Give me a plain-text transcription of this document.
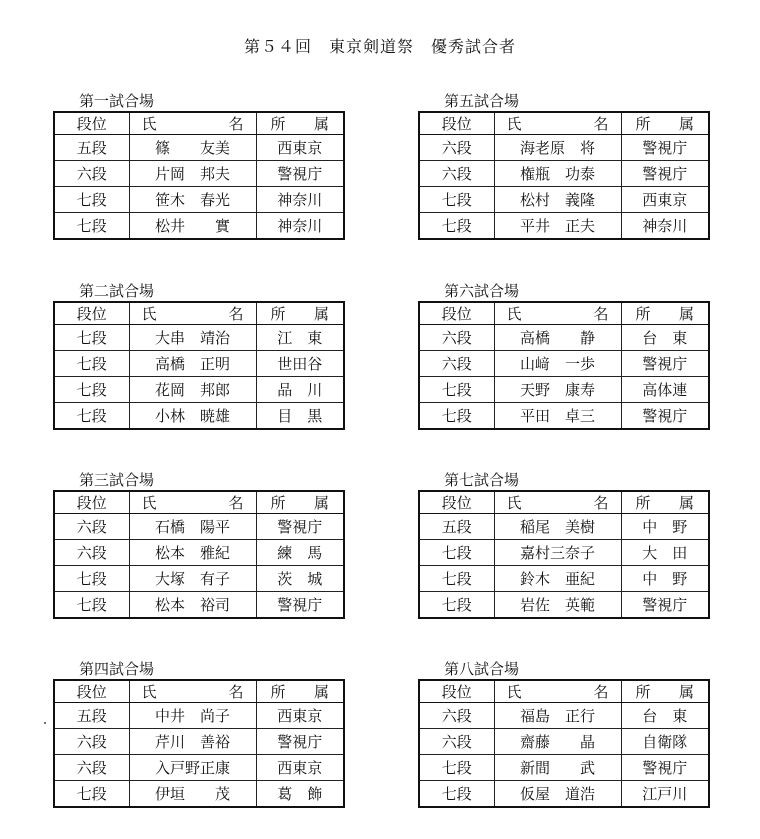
第５４回　東京剣道祭　優秀試合者
第一試合場
段位	氏 名	所 属

五段	篠　　友美	西東京
六段	片岡　邦夫	警視庁
七段	笹木　春光	神奈川
七段	松井　　實	神奈川
第五試合場
段位	氏 名	所 属

六段	海老原　将	警視庁
六段	権瓶　功泰	警視庁
七段	松村　義隆	西東京
七段	平井　正夫	神奈川
第二試合場
段位	氏 名	所 属

七段	大串　靖治	江　東
七段	高橋　正明	世田谷
七段	花岡　邦郎	品　川
七段	小林　暁雄	目　黒
第六試合場
段位	氏 名	所 属

六段	高橋　　静	台　東
六段	山﨑　一歩	警視庁
七段	天野　康寿	高体連
七段	平田　卓三	警視庁
第三試合場
段位	氏 名	所 属

六段	石橋　陽平	警視庁
六段	松本　雅紀	練　馬
七段	大塚　有子	茨　城
七段	松本　裕司	警視庁
第七試合場
段位	氏 名	所 属

五段	稲尾　美樹	中　野
七段	嘉村三奈子	大　田
七段	鈴木　亜紀	中　野
七段	岩佐　英範	警視庁
第四試合場
段位	氏 名	所 属

五段	中井　尚子	西東京
六段	芹川　善裕	警視庁
六段	入戸野正康	西東京
七段	伊垣　　茂	葛　飾
第八試合場
段位	氏 名	所 属

六段	福島　正行	台　東
六段	齋藤　　晶	自衛隊
七段	新間　　武	警視庁
七段	仮屋　道浩	江戸川
